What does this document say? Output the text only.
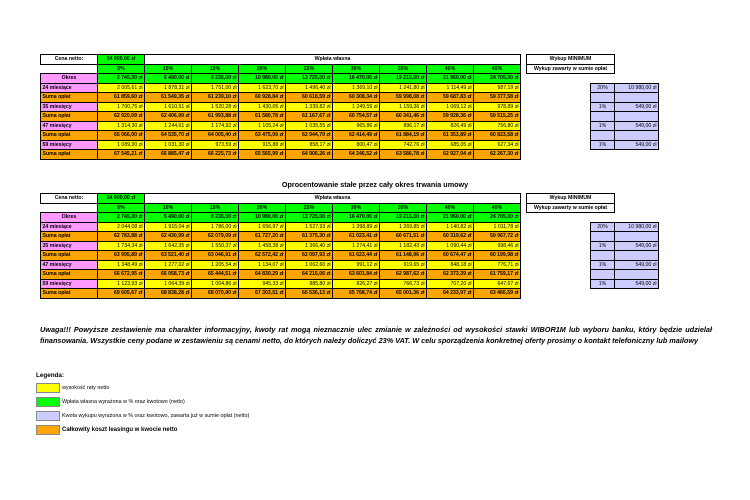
Cena netto:	54 900,00 zł	Wpłata własna									Wykup MINIMUM		
	5%	10%	15%	20%	25%	30%	35%	40%	45%		Wykup zawarty w sumie opłat		
Okres	2 745,00 zł	5 490,00 zł	8 235,00 zł	10 980,00 zł	13 725,00 zł	16 470,00 zł	19 215,00 zł	21 960,00 zł	24 705,00 zł				
24 miesiące	2 005,61 zł	1 878,31 zł	1 751,00 zł	1 623,70 zł	1 496,40 zł	1 369,10 zł	1 241,80 zł	1 114,49 zł	987,19 zł			20%	10 980,00 zł
Suma opłat	61 859,60 zł	61 549,35 zł	61 239,10 zł	60 928,84 zł	60 618,59 zł	60 308,34 zł	59 998,08 zł	59 687,83 zł	59 377,58 zł				
35 miesięcy	1 700,75 zł	1 610,51 zł	1 520,28 zł	1 430,05 zł	1 339,82 zł	1 249,59 zł	1 159,36 zł	1 069,12 zł	978,89 zł			1%	549,00 zł
Suma opłat	62 920,09 zł	62 406,99 zł	61 993,88 zł	61 580,78 zł	61 167,67 zł	60 754,57 zł	60 341,46 zł	59 928,36 zł	59 515,25 zł				
47 miesięcy	1 314,30 zł	1 244,61 zł	1 174,92 zł	1 105,24 zł	1 035,55 zł	965,86 zł	896,17 zł	826,49 zł	756,80 zł			1%	549,00 zł
Suma opłat	65 066,00 zł	64 535,70 zł	64 005,40 zł	63 475,09 zł	62 944,79 zł	62 414,49 zł	61 884,19 zł	61 353,89 zł	60 823,58 zł				
59 miesięcy	1 089,00 zł	1 031,30 zł	973,59 zł	915,88 zł	858,17 zł	800,47 zł	742,76 zł	685,05 zł	627,34 zł			1%	549,00 zł
Suma opłat	67 545,21 zł	66 885,47 zł	66 225,73 zł	65 565,99 zł	64 906,26 zł	64 246,52 zł	63 586,78 zł	62 927,04 zł	62 267,30 zł				
Oprocentowanie stałe przez cały okres trwania umowy
Cena netto:	54 900,00 zł	Wpłata własna									Wykup MINIMUM		
	5%	10%	15%	20%	25%	30%	35%	40%	45%		Wykup zawarty w sumie opłat		
Okres	2 745,00 zł	5 490,00 zł	8 235,00 zł	10 980,00 zł	13 725,00 zł	16 470,00 zł	19 215,00 zł	21 960,00 zł	24 705,00 zł				
24 miesiące	2 044,08 zł	1 915,04 zł	1 786,00 zł	1 656,97 zł	1 527,93 zł	1 398,89 zł	1 269,85 zł	1 140,82 zł	1 011,78 zł			20%	10 980,00 zł
Suma opłat	62 783,88 zł	62 430,99 zł	62 079,09 zł	61 727,20 zł	61 375,30 zł	61 023,41 zł	60 671,51 zł	60 319,62 zł	59 967,72 zł				
35 miesięcy	1 734,34 zł	1 642,35 zł	1 550,37 zł	1 458,38 zł	1 366,40 zł	1 274,41 zł	1 182,43 zł	1 090,44 zł	998,46 zł			1%	549,00 zł
Suma opłat	63 995,89 zł	63 521,40 zł	63 046,91 zł	62 572,42 zł	62 097,93 zł	61 623,44 zł	61 148,96 zł	60 674,47 zł	60 199,98 zł				
47 miesięcy	1 348,49 zł	1 277,02 zł	1 205,54 zł	1 134,07 zł	1 062,60 zł	991,12 zł	919,65 zł	848,18 zł	776,71 zł			1%	549,00 zł
Suma opłat	66 672,95 zł	66 058,73 zł	65 444,51 zł	64 830,29 zł	64 216,06 zł	63 601,84 zł	62 987,62 zł	62 373,39 zł	61 759,17 zł				
59 miesięcy	1 123,93 zł	1 064,39 zł	1 004,86 zł	945,33 zł	885,80 zł	826,27 zł	766,73 zł	707,20 zł	647,67 zł			1%	549,00 zł
Suma opłat	69 605,67 zł	68 838,28 zł	68 070,90 zł	67 303,51 zł	66 536,13 zł	65 768,74 zł	65 001,36 zł	64 233,97 zł	63 466,59 zł				
Uwaga!!! Powyższe zestawienie ma charakter informacyjny, kwoty rat mogą nieznacznie ulec zmianie w zależności od wysokości stawki WIBOR1M lub wyboru banku, który będzie udzielał finansowania. Wszystkie ceny podane w zestawieniu są cenami netto, do których należy doliczyć 23% VAT. W celu sporządzenia konkretnej oferty prosimy o kontakt telefoniczny lub mailowy
Legenda:
wysokość raty netto
Wpłata własna wyrażona w % oraz kwotowo (netto)
Kwota wykupu wyrażona w % oraz kwotowo, zawarta już w sumie opłat (netto)
Całkowity koszt leasingu w kwocie netto
